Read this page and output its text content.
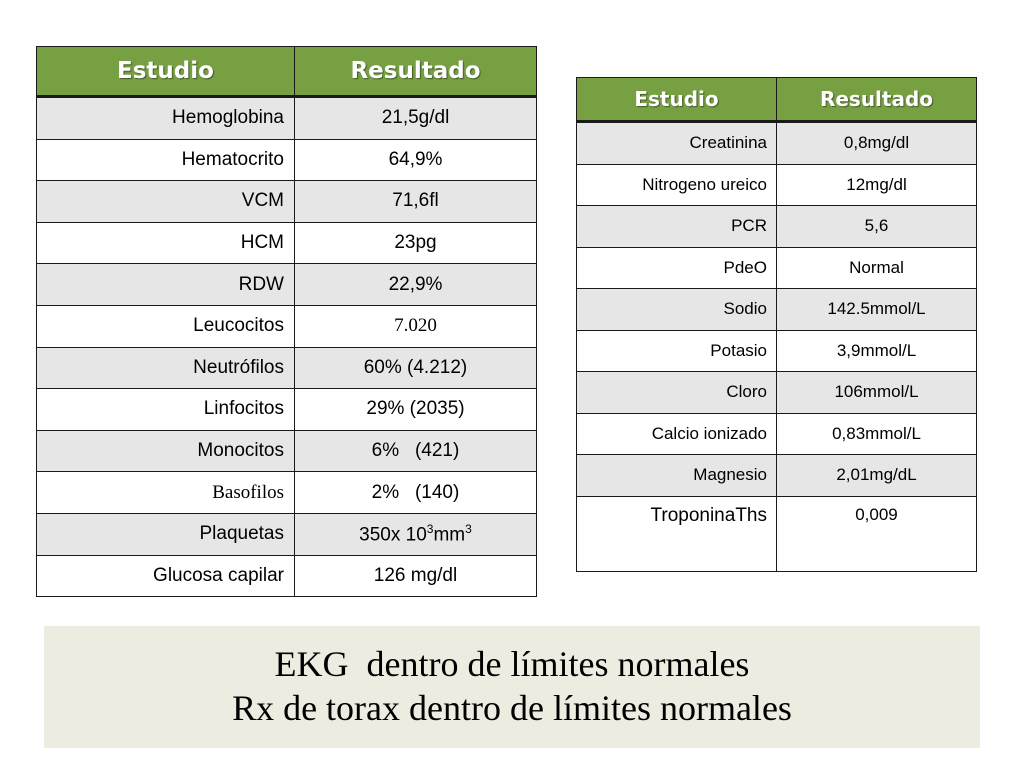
Estudio	Resultado
Hemoglobina	21,5g/dl
Hematocrito	64,9%
VCM	71,6fl
HCM	23pg
RDW	22,9%
Leucocitos	7.020
Neutrófilos	60% (4.212)
Linfocitos	29% (2035)
Monocitos	6%   (421)
Basofilos	2%   (140)
Plaquetas	350x $10^3mm^3$
Glucosa capilar	126 mg/dl
Estudio	Resultado
Creatinina	0,8mg/dl
Nitrogeno ureico	12mg/dl
PCR	5,6
PdeO	Normal
Sodio	142.5mmol/L
Potasio	3,9mmol/L
Cloro	106mmol/L
Calcio ionizado	0,83mmol/L
Magnesio	2,01mg/dL
TroponinaThs	0,009
EKG  dentro de límites normales
Rx de torax dentro de límites normales
